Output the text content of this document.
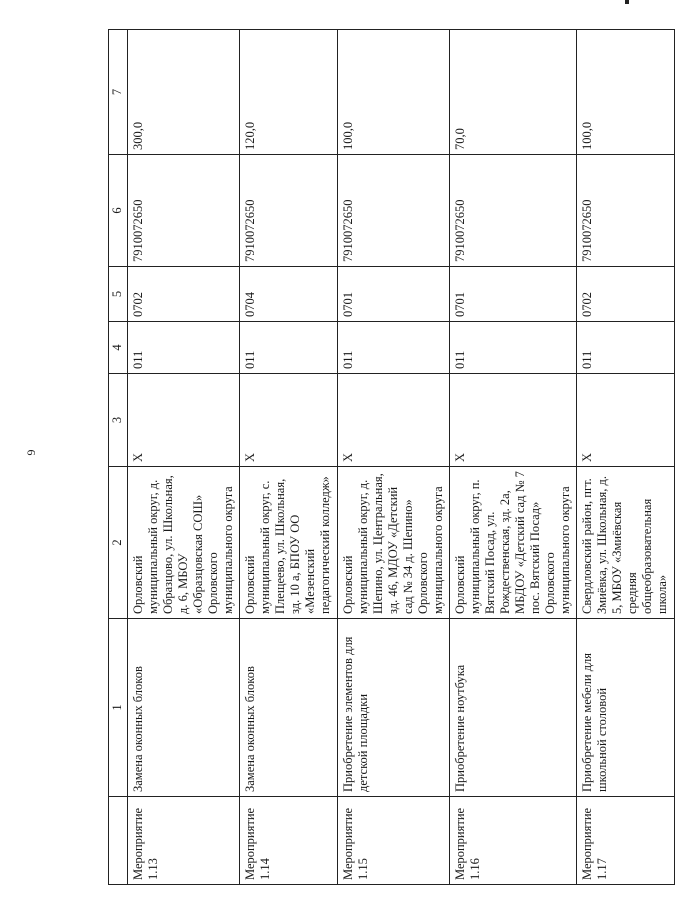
6
	1	2	3	4	5	6	7
Мероприятие 1.13	Замена оконных блоков	Орловский муниципальный округ, д. Образцово, ул. Школьная, д. 6, МБОУ «Образцовская СОШ» Орловского муниципального округа	X	011	0702	7910072650	300,0
Мероприятие 1.14	Замена оконных блоков	Орловский муниципальный округ, с. Плещеево, ул. Школьная, зд. 10 а, БПОУ ОО «Мезенский педагогический колледж»	X	011	0704	7910072650	120,0
Мероприятие 1.15	Приобретение элементов для детской площадки	Орловский муниципальный округ, д. Шепино, ул. Центральная, зд. 46, МДОУ «Детский сад № 34 д. Шепино» Орловского муниципального округа	X	011	0701	7910072650	100,0
Мероприятие 1.16	Приобретение ноутбука	Орловский муниципальный округ, п. Вятский Посад, ул. Рождественская, зд. 2а, МБДОУ «Детский сад № 7 пос. Вятский Посад» Орловского муниципального округа	X	011	0701	7910072650	70,0
Мероприятие 1.17	Приобретение мебели для школьной столовой	Свердловский район, пгт. Змиёвка, ул. Школьная, д. 5, МБОУ «Змиёвская средняя общеобразовательная школа»	X	011	0702	7910072650	100,0
